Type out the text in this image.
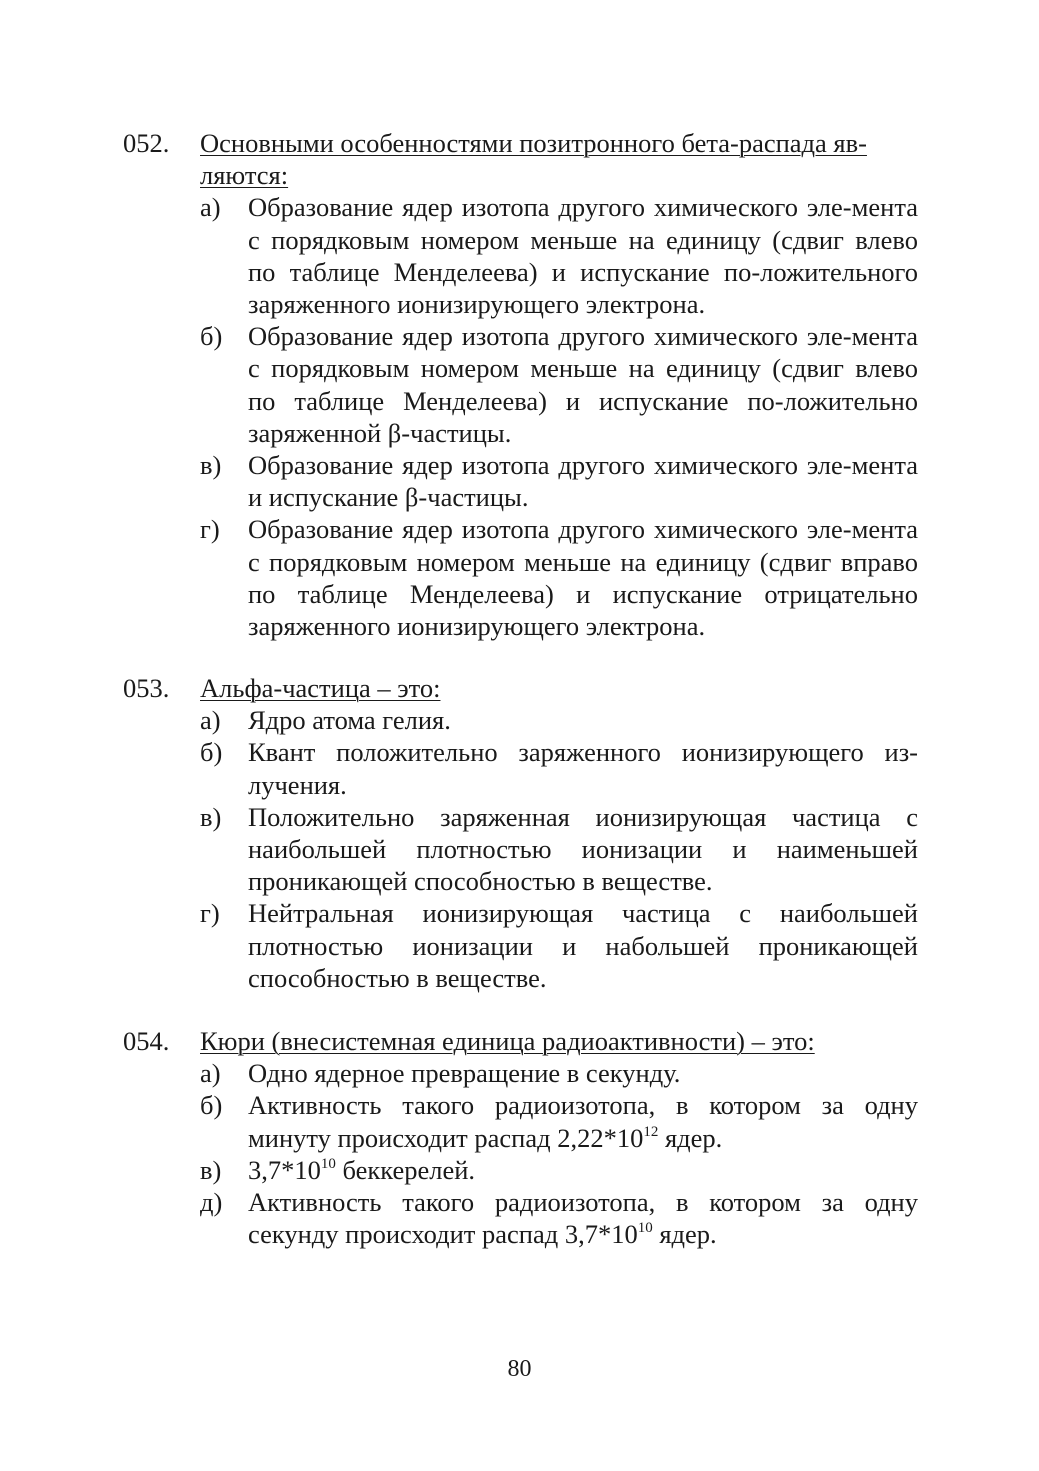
052.	Основными особенностями позитронного бета-распада яв-ляются:
а)	Образование ядер изотопа другого химического эле-мента с порядковым номером меньше на единицу (сдвиг влево по таблице Менделеева) и испускание по-ложительного заряженного ионизирующего электрона.
б) Образование ядер изотопа другого химического эле-мента с порядковым номером меньше на единицу (сдвиг влево по таблице Менделеева) и испускание по-ложительно заряженной β-частицы.
в)	Образование ядер изотопа другого химического эле-мента и испускание β-частицы.
г)	Образование ядер изотопа другого химического эле-мента с порядковым номером меньше на единицу (сдвиг вправо по таблице Менделеева) и испускание отрицательно заряженного ионизирующего электрона.
053.	Альфа-частица – это:
а)	Ядро атома гелия.
б) Квант положительно заряженного ионизирующего из-лучения.
в)	Положительно заряженная ионизирующая частица с наибольшей плотностью ионизации и наименьшей проникающей способностью в веществе.
г)	Нейтральная ионизирующая частица с наибольшей плотностью ионизации и набольшей проникающей способностью в веществе.
054.	Кюри (внесистемная единица радиоактивности) – это:
а)	Одно ядерное превращение в секунду.
б) Активность такого радиоизотопа, в котором за одну минуту происходит распад $2,22*10^{12}$ ядер.
в)	$3,7*10^{10}$ беккерелей.
д) Активность такого радиоизотопа, в котором за одну секунду происходит распад $3,7*10^{10}$ ядер.
80
